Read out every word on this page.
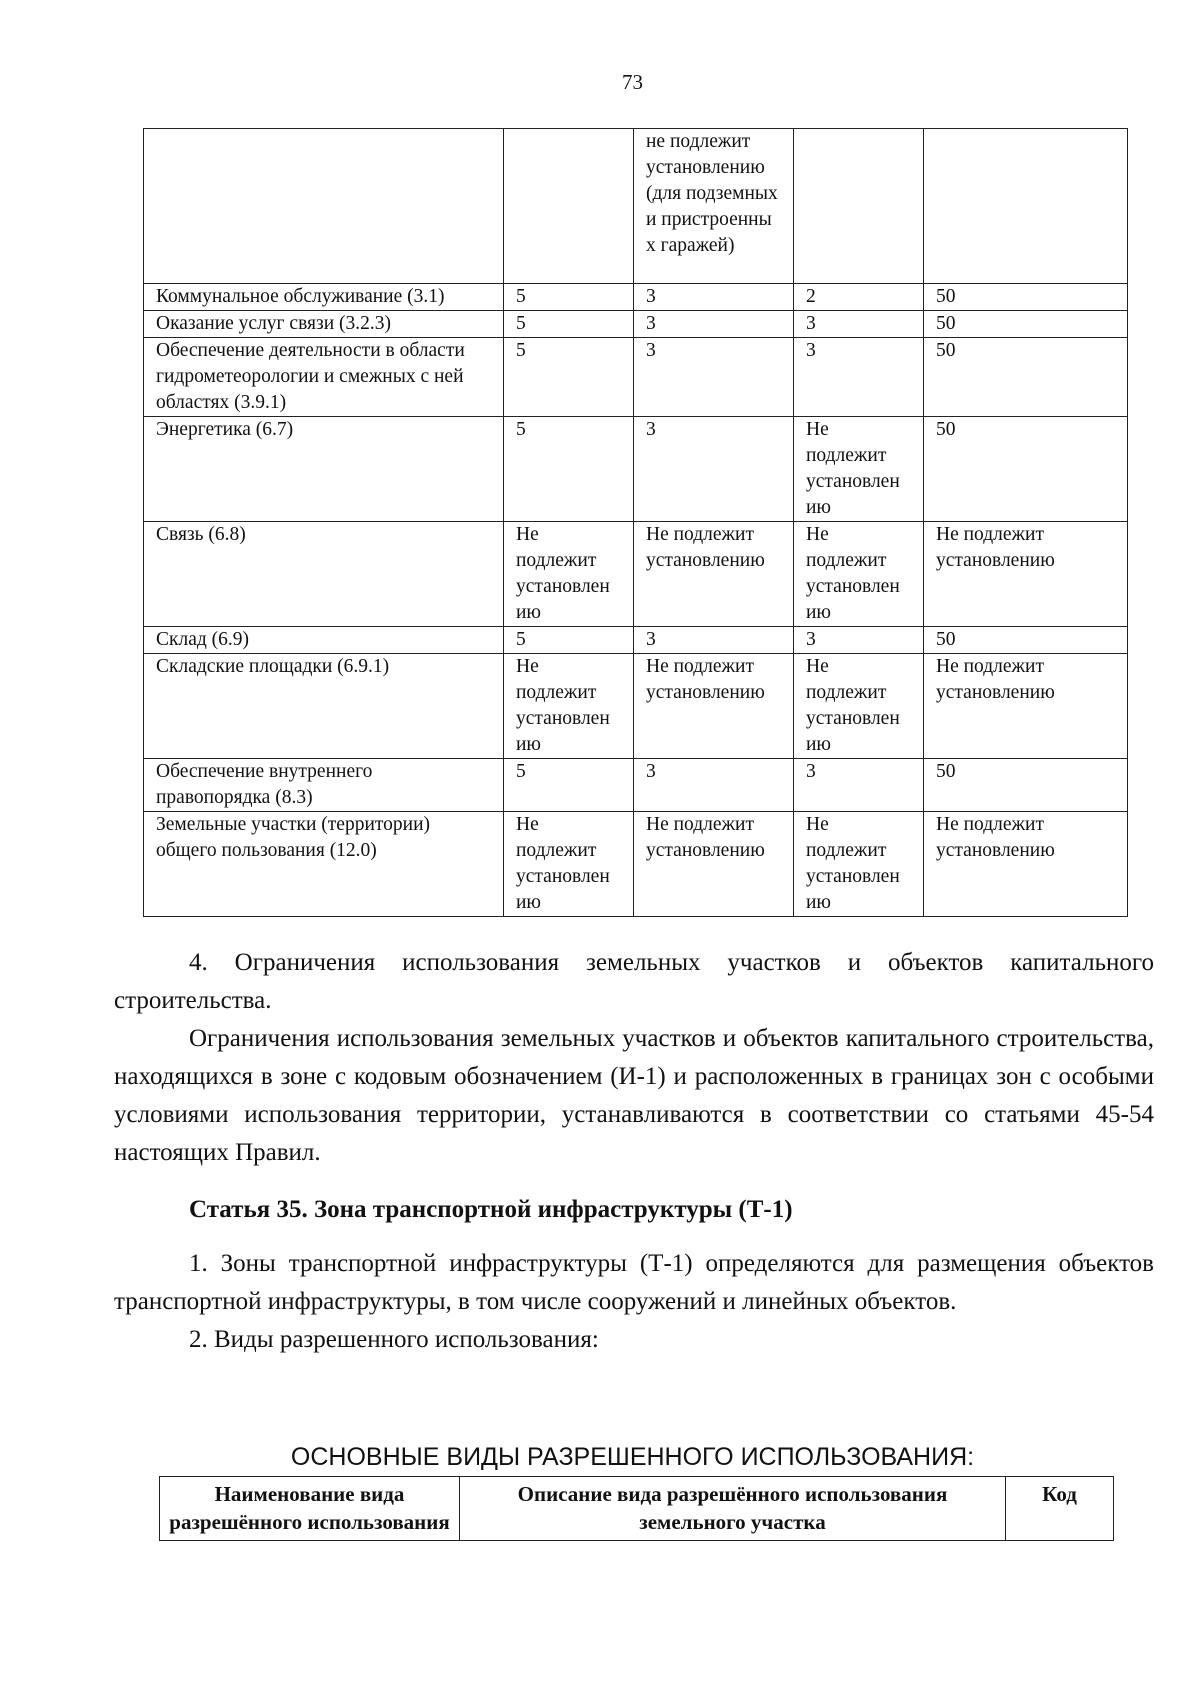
73
		не подлежит установлению (для подземных и пристроенны х гаражей)		
Коммунальное обслуживание (3.1)	5	3	2	50
Оказание услуг связи (3.2.3)	5	3	3	50
Обеспечение деятельности в области гидрометеорологии и смежных с ней областях (3.9.1)	5	3	3	50
Энергетика (6.7)	5	3	Не подлежит установлен ию	50
Связь (6.8)	Не подлежит установлен ию	Не подлежит установлению	Не подлежит установлен ию	Не подлежит установлению
Склад (6.9)	5	3	3	50
Складские площадки (6.9.1)	Не подлежит установлен ию	Не подлежит установлению	Не подлежит установлен ию	Не подлежит установлению
Обеспечение внутреннего правопорядка (8.3)	5	3	3	50
Земельные участки (территории) общего пользования (12.0)	Не подлежит установлен ию	Не подлежит установлению	Не подлежит установлен ию	Не подлежит установлению

4. Ограничения использования земельных участков и объектов капитального строительства.

Ограничения использования земельных участков и объектов капитального строительства, находящихся в зоне с кодовым обозначением (И-1) и расположенных в границах зон с особыми условиями использования территории, устанавливаются в соответствии со статьями 45-54 настоящих Правил.

Статья 35. Зона транспортной инфраструктуры (Т-1)

1. Зоны транспортной инфраструктуры (Т-1) определяются для размещения объектов транспортной инфраструктуры, в том числе сооружений и линейных объектов.

2. Виды разрешенного использования:

ОСНОВНЫЕ ВИДЫ РАЗРЕШЕННОГО ИСПОЛЬЗОВАНИЯ:
Наименование вида разрешённого использования	Описание вида разрешённого использования земельного участка	Код
